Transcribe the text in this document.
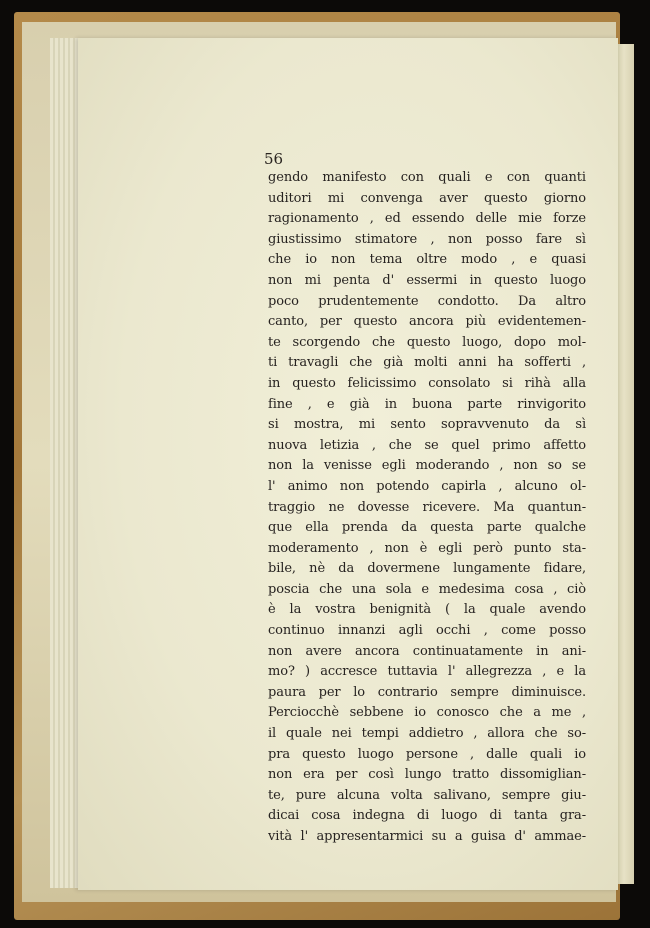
56
gendo manifesto con quali e con quanti
uditori mi convenga aver questo giorno
ragionamento , ed essendo delle mie forze
giustissimo stimatore , non posso fare sì
che io non tema oltre modo , e quasi
non mi penta d' essermi in questo luogo
poco prudentemente condotto. Da altro
canto, per questo ancora più evidentemen-
te scorgendo che questo luogo, dopo mol-
ti travagli che già molti anni ha sofferti ,
in questo felicissimo consolato si rihà alla
fine , e già in buona parte rinvigorito
si mostra, mi sento sopravvenuto da sì
nuova letizia , che se quel primo affetto
non la venisse egli moderando , non so se
l' animo non potendo capirla , alcuno ol-
traggio ne dovesse ricevere. Ma quantun-
que ella prenda da questa parte qualche
moderamento , non è egli però punto sta-
bile, nè da dovermene lungamente fidare,
poscia che una sola e medesima cosa , ciò
è la vostra benignità ( la quale avendo
continuo innanzi agli occhi , come posso
non avere ancora continuatamente in ani-
mo? ) accresce tuttavia l' allegrezza , e la
paura per lo contrario sempre diminuisce.
Perciocchè sebbene io conosco che a me ,
il quale nei tempi addietro , allora che so-
pra questo luogo persone , dalle quali io
non era per così lungo tratto dissomiglian-
te, pure alcuna volta salivano, sempre giu-
dicai cosa indegna di luogo di tanta gra-
vità l' appresentarmici su a guisa d' ammae-
